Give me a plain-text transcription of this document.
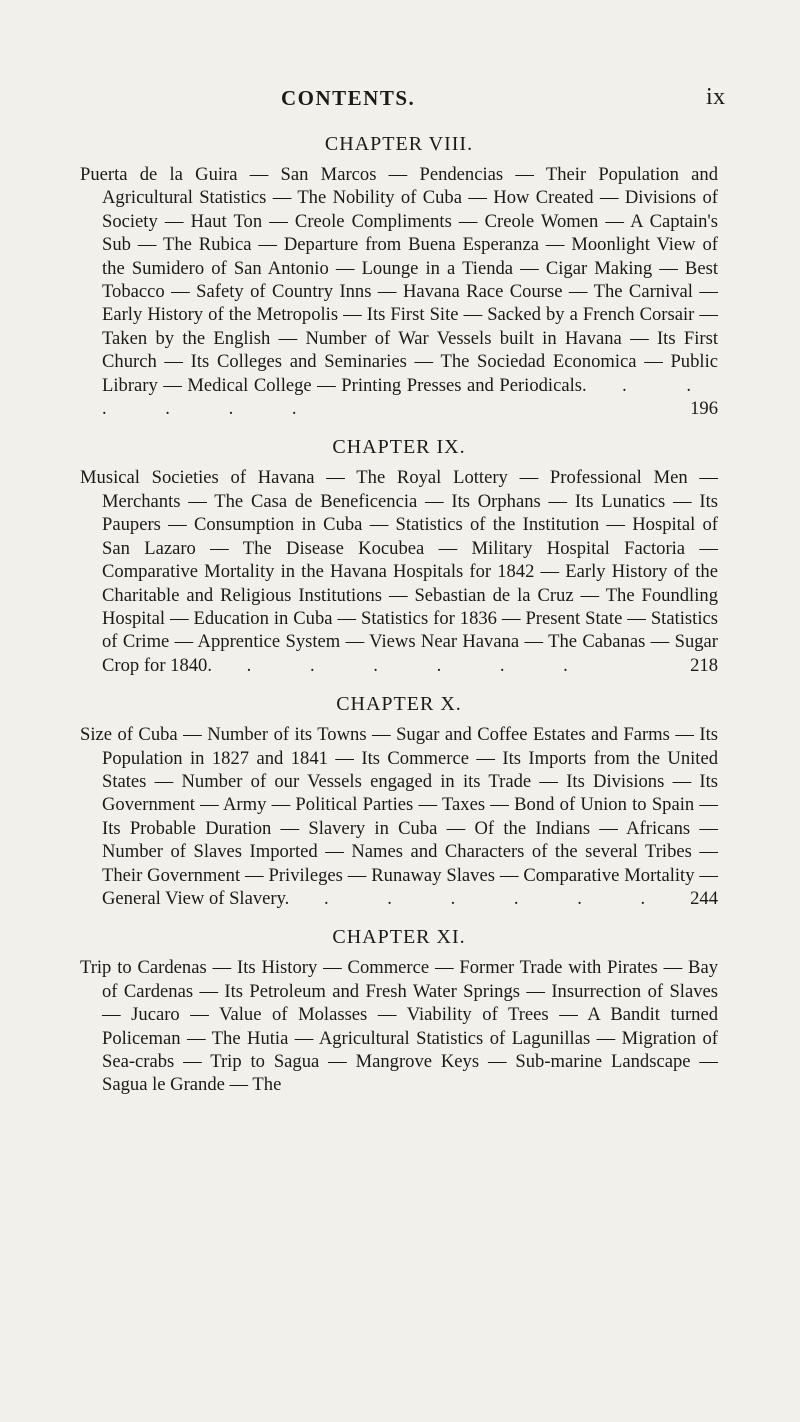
CONTENTS.	ix
CHAPTER VIII.
Puerta de la Guira — San Marcos — Pendencias — Their Population and Agricultural Statistics — The Nobility of Cuba — How Created — Divisions of Society — Haut Ton — Creole Compliments — Creole Women — A Captain's Sub — The Rubica — Departure from Buena Esperanza — Moonlight View of the Sumidero of San Antonio — Lounge in a Tienda — Cigar Making — Best Tobacco — Safety of Country Inns — Havana Race Course — The Carnival — Early History of the Metropolis — Its First Site — Sacked by a French Corsair — Taken by the English — Number of War Vessels built in Havana — Its First Church — Its Colleges and Seminaries — The Sociedad Economica — Public Library — Medical College — Printing Presses and Periodicals. . . . . . .	196
CHAPTER IX.
Musical Societies of Havana — The Royal Lottery — Professional Men — Merchants — The Casa de Beneficencia — Its Orphans — Its Lunatics — Its Paupers — Consumption in Cuba — Statistics of the Institution — Hospital of San Lazaro — The Disease Kocubea — Military Hospital Factoria — Comparative Mortality in the Havana Hospitals for 1842 — Early History of the Charitable and Religious Institutions — Sebastian de la Cruz — The Foundling Hospital — Education in Cuba — Statistics for 1836 — Present State — Statistics of Crime — Apprentice System — Views Near Havana — The Cabanas — Sugar Crop for 1840. . . . . . .	218
CHAPTER X.
Size of Cuba — Number of its Towns — Sugar and Coffee Estates and Farms — Its Population in 1827 and 1841 — Its Commerce — Its Imports from the United States — Number of our Vessels engaged in its Trade — Its Divisions — Its Government — Army — Political Parties — Taxes — Bond of Union to Spain — Its Probable Duration — Slavery in Cuba — Of the Indians — Africans — Number of Slaves Imported — Names and Characters of the several Tribes — Their Government — Privileges — Runaway Slaves — Comparative Mortality — General View of Slavery. . . . . . . 244
CHAPTER XI.
Trip to Cardenas — Its History — Commerce — Former Trade with Pirates — Bay of Cardenas — Its Petroleum and Fresh Water Springs — Insurrection of Slaves — Jucaro — Value of Molasses — Viability of Trees — A Bandit turned Policeman — The Hutia — Agricultural Statistics of Lagunillas — Migration of Sea-crabs — Trip to Sagua — Mangrove Keys — Sub-marine Landscape — Sagua le Grande — The
